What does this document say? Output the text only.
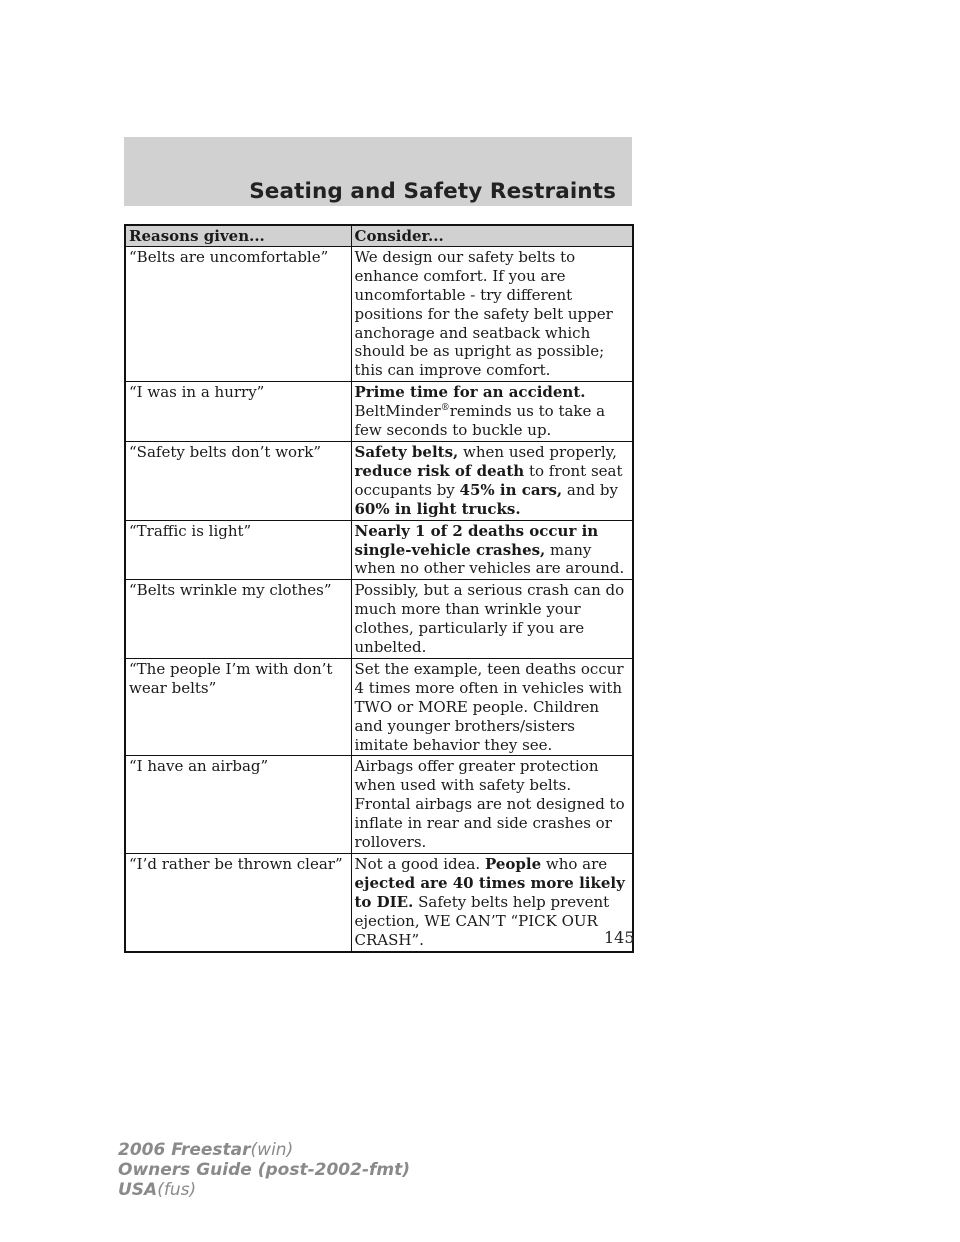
Seating and Safety Restraints
Reasons given...	Consider...
“Belts are uncomfortable”	We design our safety belts to enhance comfort. If you are uncomfortable - try different positions for the safety belt upper anchorage and seatback which should be as upright as possible; this can improve comfort.
“I was in a hurry”	Prime time for an accident.
BeltMinder®reminds us to take a few seconds to buckle up.
“Safety belts don’t work”	Safety belts, when used properly,
reduce risk of death to front seat occupants by 45% in cars, and by
60% in light trucks.
“Traffic is light”	Nearly 1 of 2 deaths occur in single-vehicle crashes, many when no other vehicles are around.
“Belts wrinkle my clothes”	Possibly, but a serious crash can do much more than wrinkle your clothes, particularly if you are unbelted.
“The people I’m with don’t wear belts”	Set the example, teen deaths occur 4 times more often in vehicles with TWO or MORE people. Children and younger brothers/sisters imitate behavior they see.
“I have an airbag”	Airbags offer greater protection when used with safety belts. Frontal airbags are not designed to inflate in rear and side crashes or rollovers.
“I’d rather be thrown clear”	Not a good idea. People who are
ejected are 40 times more likely to DIE. Safety belts help prevent ejection, WE CAN’T “PICK OUR CRASH”.	145
2006 Freestar(win)
Owners Guide (post-2002-fmt)
USA(fus)
